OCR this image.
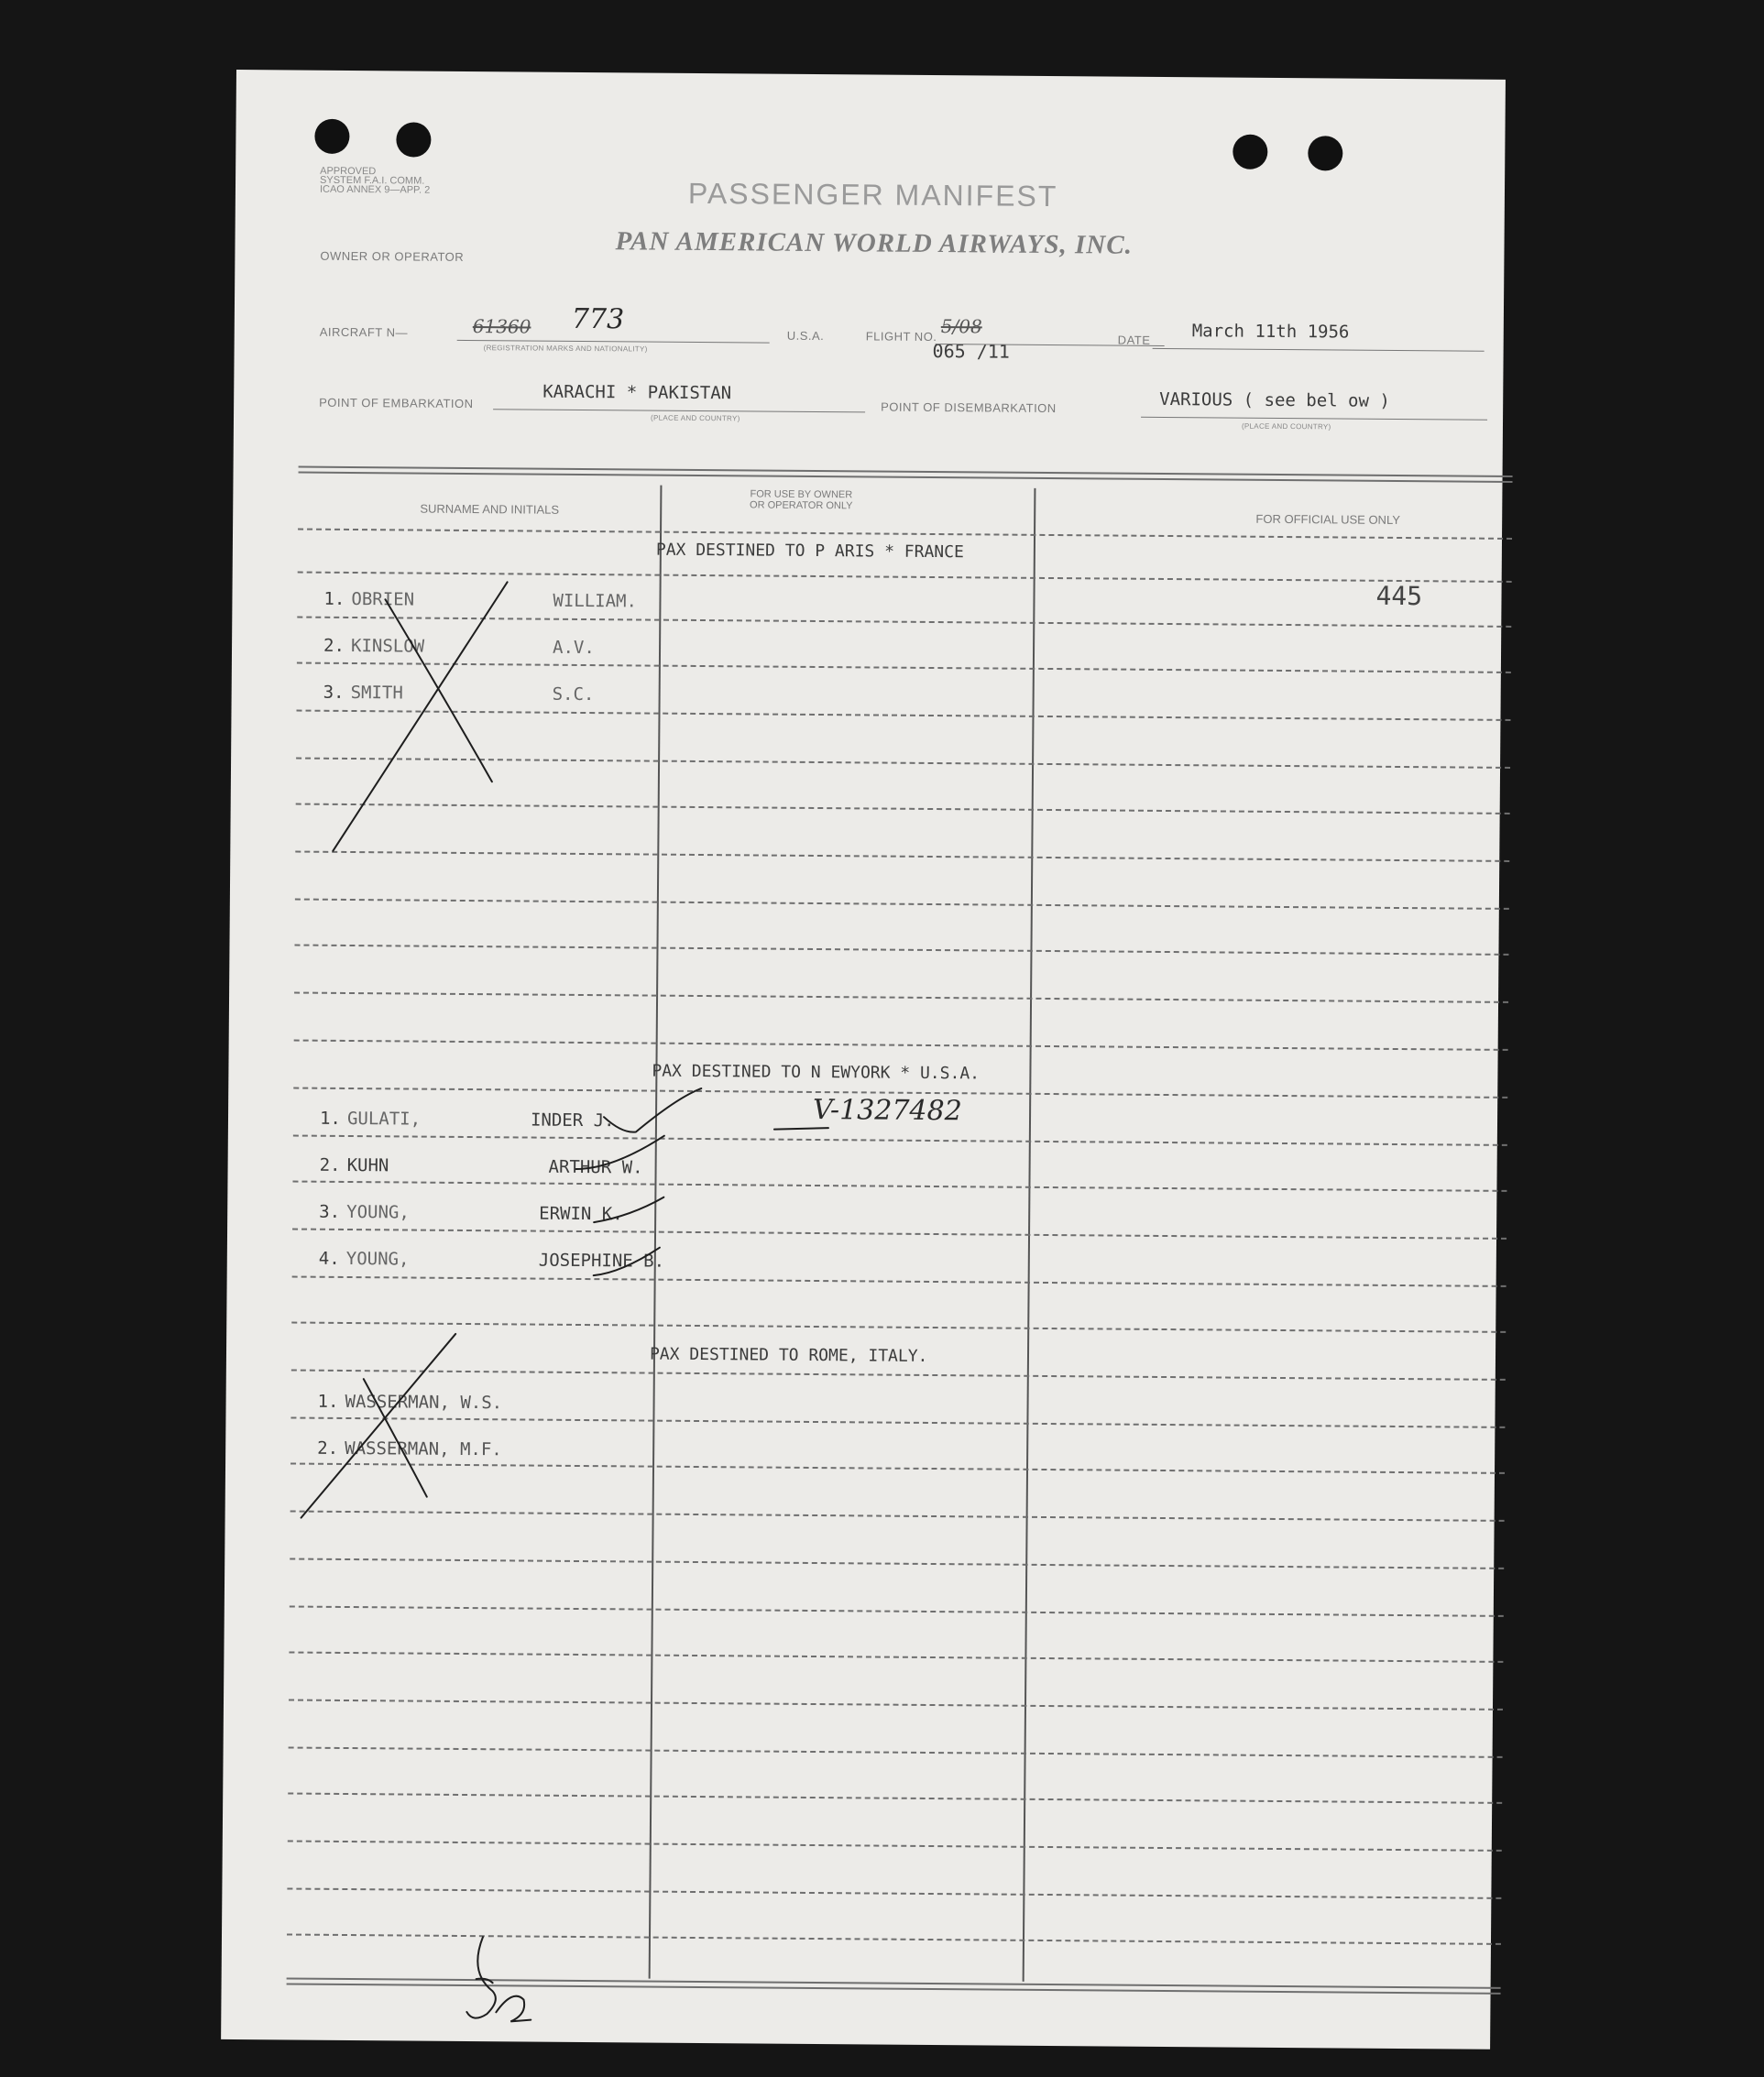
APPROVED
SYSTEM F.A.I. COMM.
ICAO ANNEX 9—APP. 2	PASSENGER MANIFEST
OWNER OR OPERATOR	PAN AMERICAN WORLD AIRWAYS, INC.
AIRCRAFT N—	61360 773
(REGISTRATION MARKS AND NATIONALITY)
U.S.A.	FLIGHT NO. 5/08
065 /11	DATE March 11th 1956
POINT OF EMBARKATION	KARACHI * PAKISTAN
(PLACE AND COUNTRY)
POINT OF DISEMBARKATION	VARIOUS ( see bel ow )
(PLACE AND COUNTRY)
SURNAME AND INITIALS
FOR USE BY OWNER
OR OPERATOR ONLY
FOR OFFICIAL USE ONLY
PAX DESTINED TO P ARIS * FRANCE
445
1. OBRIEN	WILLIAM.
2. KINSLOW	A.V.
3. SMITH	S.C.
PAX DESTINED TO N EWYORK * U.S.A.
V-1327482
1. GULATI,	INDER J.
2. KUHN	ARTHUR W.
3. YOUNG,	ERWIN K.
4. YOUNG,	JOSEPHINE B.
PAX DESTINED TO ROME, ITALY.
1. WASSERMAN, W.S.
2. WASSERMAN, M.F.
